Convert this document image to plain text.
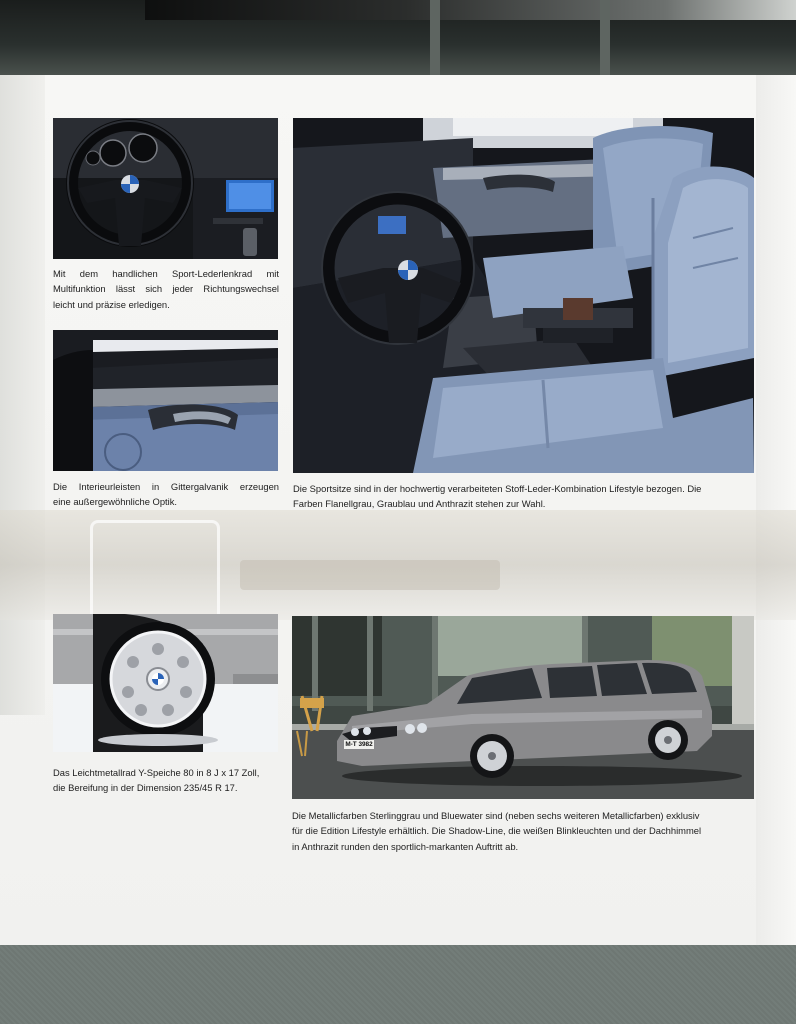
M-T 3982
Mit dem handlichen Sport-Lederlenkrad mit
Multifunktion lässt sich jeder Richtungswechsel
leicht und präzise erledigen.
Die Interieurleisten in Gittergalvanik erzeugen
eine außergewöhnliche Optik.
Die Sportsitze sind in der hochwertig verarbeiteten Stoff-Leder-Kombination Lifestyle bezogen. Die
Farben Flanellgrau, Graublau und Anthrazit stehen zur Wahl.
Das Leichtmetallrad Y-Speiche 80 in 8 J x 17 Zoll,
die Bereifung in der Dimension 235/45 R 17.
Die Metallicfarben Sterlinggrau und Bluewater sind (neben sechs weiteren Metallicfarben) exklusiv
für die Edition Lifestyle erhältlich. Die Shadow-Line, die weißen Blinkleuchten und der Dachhimmel
in Anthrazit runden den sportlich-markanten Auftritt ab.
